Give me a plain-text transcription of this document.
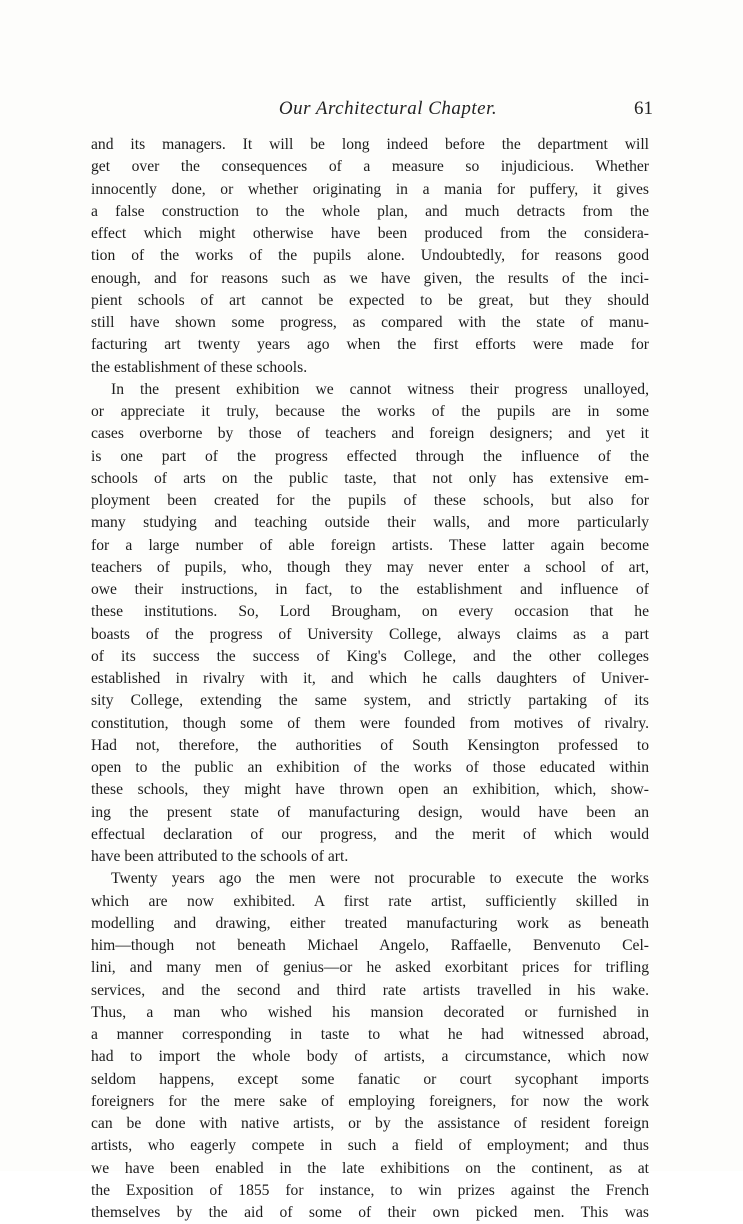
Our Architectural Chapter.	61
and its managers. It will be long indeed before the department will
get over the consequences of a measure so injudicious. Whether
innocently done, or whether originating in a mania for puffery, it gives
a false construction to the whole plan, and much detracts from the
effect which might otherwise have been produced from the considera-
tion of the works of the pupils alone. Undoubtedly, for reasons good
enough, and for reasons such as we have given, the results of the inci-
pient schools of art cannot be expected to be great, but they should
still have shown some progress, as compared with the state of manu-
facturing art twenty years ago when the first efforts were made for
the establishment of these schools.
In the present exhibition we cannot witness their progress unalloyed,
or appreciate it truly, because the works of the pupils are in some
cases overborne by those of teachers and foreign designers; and yet it
is one part of the progress effected through the influence of the
schools of arts on the public taste, that not only has extensive em-
ployment been created for the pupils of these schools, but also for
many studying and teaching outside their walls, and more particularly
for a large number of able foreign artists. These latter again become
teachers of pupils, who, though they may never enter a school of art,
owe their instructions, in fact, to the establishment and influence of
these institutions. So, Lord Brougham, on every occasion that he
boasts of the progress of University College, always claims as a part
of its success the success of King's College, and the other colleges
established in rivalry with it, and which he calls daughters of Univer-
sity College, extending the same system, and strictly partaking of its
constitution, though some of them were founded from motives of rivalry.
Had not, therefore, the authorities of South Kensington professed to
open to the public an exhibition of the works of those educated within
these schools, they might have thrown open an exhibition, which, show-
ing the present state of manufacturing design, would have been an
effectual declaration of our progress, and the merit of which would
have been attributed to the schools of art.
Twenty years ago the men were not procurable to execute the works
which are now exhibited. A first rate artist, sufficiently skilled in
modelling and drawing, either treated manufacturing work as beneath
him—though not beneath Michael Angelo, Raffaelle, Benvenuto Cel-
lini, and many men of genius—or he asked exorbitant prices for trifling
services, and the second and third rate artists travelled in his wake.
Thus, a man who wished his mansion decorated or furnished in
a manner corresponding in taste to what he had witnessed abroad,
had to import the whole body of artists, a circumstance, which now
seldom happens, except some fanatic or court sycophant imports
foreigners for the mere sake of employing foreigners, for now the work
can be done with native artists, or by the assistance of resident foreign
artists, who eagerly compete in such a field of employment; and thus
we have been enabled in the late exhibitions on the continent, as at
the Exposition of 1855 for instance, to win prizes against the French
themselves by the aid of some of their own picked men. This was
